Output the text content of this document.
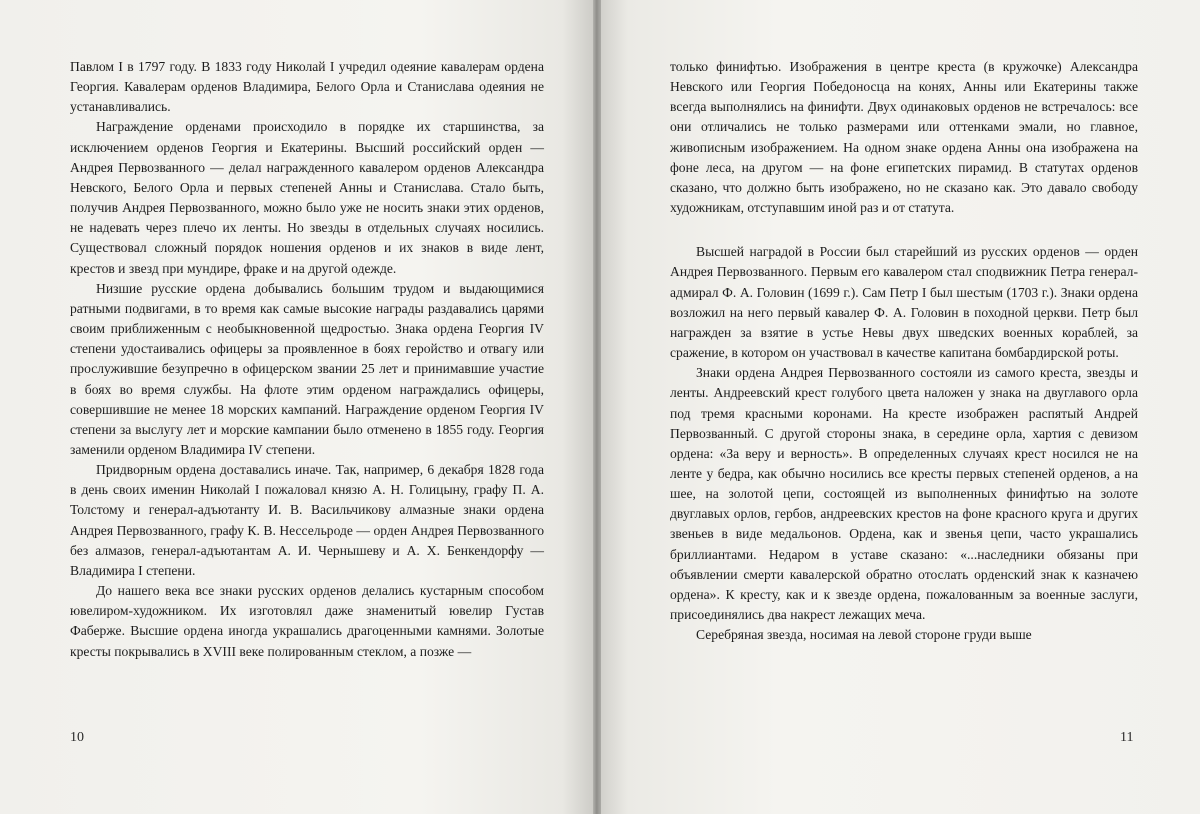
Павлом I в 1797 году. В 1833 году Николай I учредил одеяние кавалерам ордена Георгия. Кавалерам орденов Владимира, Белого Орла и Станислава одеяния не устанавливались.

Награждение орденами происходило в порядке их старшинства, за исключением орденов Георгия и Екатерины. Высший российский орден — Андрея Первозванного — делал награжденного кавалером орденов Александра Невского, Белого Орла и первых степеней Анны и Станислава. Стало быть, получив Андрея Первозванного, можно было уже не носить знаки этих орденов, не надевать через плечо их ленты. Но звезды в отдельных случаях носились. Существовал сложный порядок ношения орденов и их знаков в виде лент, крестов и звезд при мундире, фраке и на другой одежде.

Низшие русские ордена добывались большим трудом и выдающимися ратными подвигами, в то время как самые высокие награды раздавались царями своим приближенным с необыкновенной щедростью. Знака ордена Георгия IV степени удостаивались офицеры за проявленное в боях геройство и отвагу или прослужившие безупречно в офицерском звании 25 лет и принимавшие участие в боях во время службы. На флоте этим орденом награждались офицеры, совершившие не менее 18 морских кампаний. Награждение орденом Георгия IV степени за выслугу лет и морские кампании было отменено в 1855 году. Георгия заменили орденом Владимира IV степени.

Придворным ордена доставались иначе. Так, например, 6 декабря 1828 года в день своих именин Николай I пожаловал князю А. Н. Голицыну, графу П. А. Толстому и генерал-адъютанту И. В. Васильчикову алмазные знаки ордена Андрея Первозванного, графу К. В. Нессельроде — орден Андрея Первозванного без алмазов, генерал-адъютантам А. И. Чернышеву и А. Х. Бенкендорфу — Владимира I степени.

До нашего века все знаки русских орденов делались кустарным способом ювелиром-художником. Их изготовлял даже знаменитый ювелир Густав Фаберже. Высшие ордена иногда украшались драгоценными камнями. Золотые кресты покрывались в XVIII веке полированным стеклом, а позже —

10

только финифтью. Изображения в центре креста (в кружочке) Александра Невского или Георгия Победоносца на конях, Анны или Екатерины также всегда выполнялись на финифти. Двух одинаковых орденов не встречалось: все они отличались не только размерами или оттенками эмали, но главное, живописным изображением. На одном знаке ордена Анны она изображена на фоне леса, на другом — на фоне египетских пирамид. В статутах орденов сказано, что должно быть изображено, но не сказано как. Это давало свободу художникам, отступавшим иной раз и от статута.

Высшей наградой в России был старейший из русских орденов — орден Андрея Первозванного. Первым его кавалером стал сподвижник Петра генерал-адмирал Ф. А. Головин (1699 г.). Сам Петр I был шестым (1703 г.). Знаки ордена возложил на него первый кавалер Ф. А. Головин в походной церкви. Петр был награжден за взятие в устье Невы двух шведских военных кораблей, за сражение, в котором он участвовал в качестве капитана бомбардирской роты.

Знаки ордена Андрея Первозванного состояли из самого креста, звезды и ленты. Андреевский крест голубого цвета наложен у знака на двуглавого орла под тремя красными коронами. На кресте изображен распятый Андрей Первозванный. С другой стороны знака, в середине орла, хартия с девизом ордена: «За веру и верность». В определенных случаях крест носился не на ленте у бедра, как обычно носились все кресты первых степеней орденов, а на шее, на золотой цепи, состоящей из выполненных финифтью на золоте двуглавых орлов, гербов, андреевских крестов на фоне красного круга и других звеньев в виде медальонов. Ордена, как и звенья цепи, часто украшались бриллиантами. Недаром в уставе сказано: «...наследники обязаны при объявлении смерти кавалерской обратно отослать орденский знак к казначею ордена». К кресту, как и к звезде ордена, пожалованным за военные заслуги, присоединялись два накрест лежащих меча.

Серебряная звезда, носимая на левой стороне груди выше

11
